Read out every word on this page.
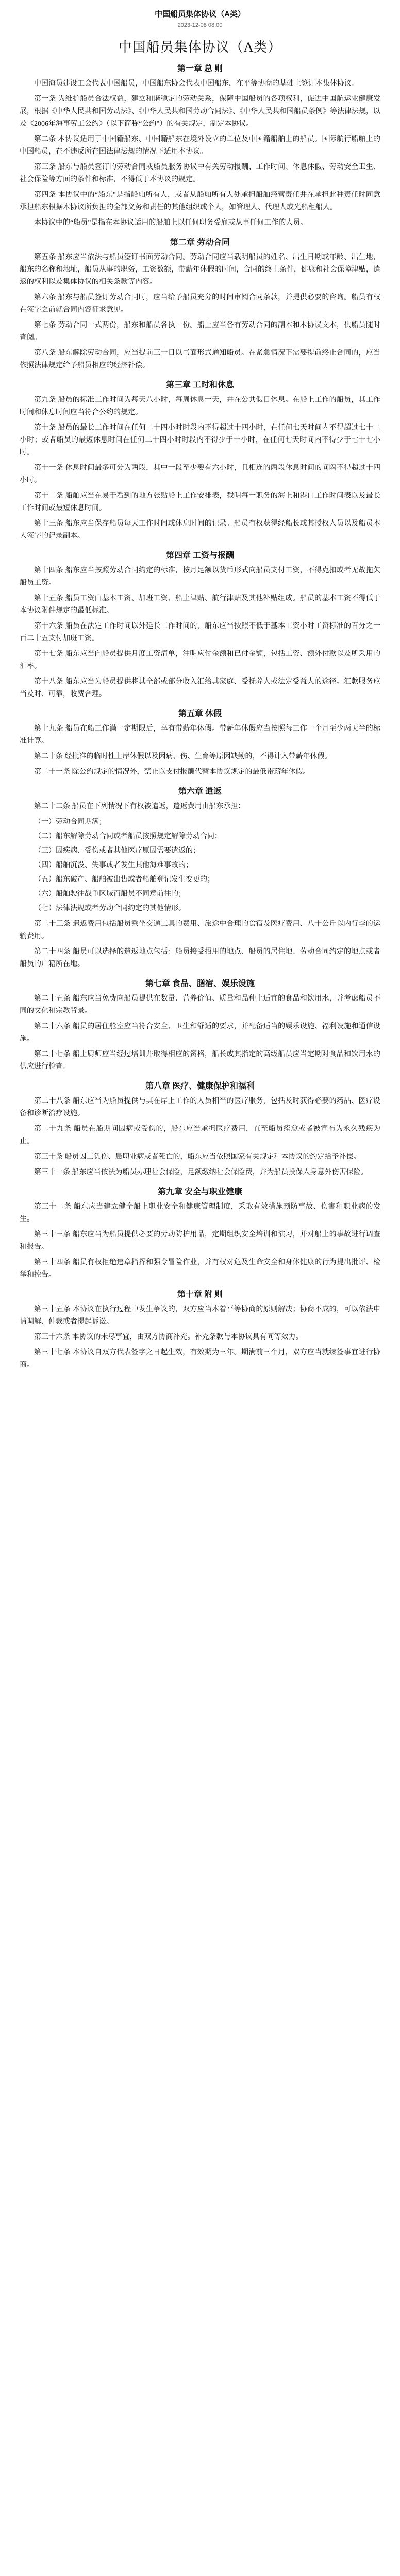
中国船员集体协议（A类）
2023-12-08 08:00
中国船员集体协议（A类）
第一章 总 则

中国海员建设工会代表中国船员，中国船东协会代表中国船东，在平等协商的基础上签订本集体协议。

第一条 为维护船员合法权益，建立和谐稳定的劳动关系，保障中国船员的各项权利，促进中国航运业健康发展，根据《中华人民共和国劳动法》、《中华人民共和国劳动合同法》、《中华人民共和国船员条例》等法律法规，以及《2006年海事劳工公约》（以下简称“公约”）的有关规定，制定本协议。

第二条 本协议适用于中国籍船东、中国籍船东在境外设立的单位及中国籍船舶上的船员。国际航行船舶上的中国船员，在不违反所在国法律法规的情况下适用本协议。

第三条 船东与船员签订的劳动合同或船员服务协议中有关劳动报酬、工作时间、休息休假、劳动安全卫生、社会保险等方面的条件和标准，不得低于本协议的规定。

第四条 本协议中的“船东”是指船舶所有人，或者从船舶所有人处承担船舶经营责任并在承担此种责任时同意承担船东根据本协议所负担的全部义务和责任的其他组织或个人，如管理人、代理人或光船租船人。

本协议中的“船员”是指在本协议适用的船舶上以任何职务受雇或从事任何工作的人员。

第二章 劳动合同

第五条 船东应当依法与船员签订书面劳动合同。劳动合同应当载明船员的姓名、出生日期或年龄、出生地，船东的名称和地址，船员从事的职务，工资数额，带薪年休假的时间，合同的终止条件，健康和社会保障津贴，遣返的权利以及集体协议的相关条款等内容。

第六条 船东与船员签订劳动合同时，应当给予船员充分的时间审阅合同条款，并提供必要的咨询。船员有权在签字之前就合同内容征求意见。

第七条 劳动合同一式两份，船东和船员各执一份。船上应当备有劳动合同的副本和本协议文本，供船员随时查阅。

第八条 船东解除劳动合同，应当提前三十日以书面形式通知船员。在紧急情况下需要提前终止合同的，应当依照法律规定给予船员相应的经济补偿。

第三章 工时和休息

第九条 船员的标准工作时间为每天八小时，每周休息一天，并在公共假日休息。在船上工作的船员，其工作时间和休息时间应当符合公约的规定。

第十条 船员的最长工作时间在任何二十四小时时段内不得超过十四小时，在任何七天时间内不得超过七十二小时；或者船员的最短休息时间在任何二十四小时时段内不得少于十小时，在任何七天时间内不得少于七十七小时。

第十一条 休息时间最多可分为两段，其中一段至少要有六小时，且相连的两段休息时间的间隔不得超过十四小时。

第十二条 船舶应当在易于看到的地方张贴船上工作安排表，载明每一职务的海上和港口工作时间表以及最长工作时间或最短休息时间。

第十三条 船东应当保存船员每天工作时间或休息时间的记录。船员有权获得经船长或其授权人员以及船员本人签字的记录副本。

第四章 工资与报酬

第十四条 船东应当按照劳动合同约定的标准，按月足额以货币形式向船员支付工资，不得克扣或者无故拖欠船员工资。

第十五条 船员工资由基本工资、加班工资、船上津贴、航行津贴及其他补贴组成。船员的基本工资不得低于本协议附件规定的最低标准。

第十六条 船员在法定工作时间以外延长工作时间的，船东应当按照不低于基本工资小时工资标准的百分之一百二十五支付加班工资。

第十七条 船东应当向船员提供月度工资清单，注明应付金额和已付金额，包括工资、额外付款以及所采用的汇率。

第十八条 船东应当为船员提供将其全部或部分收入汇给其家庭、受抚养人或法定受益人的途径。汇款服务应当及时、可靠，收费合理。

第五章 休假

第十九条 船员在船工作满一定期限后，享有带薪年休假。带薪年休假应当按照每工作一个月至少两天半的标准计算。

第二十条 经批准的临时性上岸休假以及因病、伤、生育等原因缺勤的，不得计入带薪年休假。

第二十一条 除公约规定的情况外，禁止以支付报酬代替本协议规定的最低带薪年休假。

第六章 遣返

第二十二条 船员在下列情况下有权被遣返，遣返费用由船东承担：

（一）劳动合同期满；

（二）船东解除劳动合同或者船员按照规定解除劳动合同；

（三）因疾病、受伤或者其他医疗原因需要遣返的；

（四）船舶沉没、失事或者发生其他海难事故的；

（五）船东破产、船舶被出售或者船舶登记发生变更的；

（六）船舶驶往战争区域而船员不同意前往的；

（七）法律法规或者劳动合同约定的其他情形。

第二十三条 遣返费用包括船员乘坐交通工具的费用、旅途中合理的食宿及医疗费用、八十公斤以内行李的运输费用。

第二十四条 船员可以选择的遣返地点包括：船员接受招用的地点、船员的居住地、劳动合同约定的地点或者船员的户籍所在地。

第七章 食品、膳宿、娱乐设施

第二十五条 船东应当免费向船员提供在数量、营养价值、质量和品种上适宜的食品和饮用水，并考虑船员不同的文化和宗教背景。

第二十六条 船员的居住舱室应当符合安全、卫生和舒适的要求，并配备适当的娱乐设施、福利设施和通信设施。

第二十七条 船上厨师应当经过培训并取得相应的资格，船长或其指定的高级船员应当定期对食品和饮用水的供应进行检查。

第八章 医疗、健康保护和福利

第二十八条 船东应当为船员提供与其在岸上工作的人员相当的医疗服务，包括及时获得必要的药品、医疗设备和诊断治疗设施。

第二十九条 船员在船期间因病或受伤的，船东应当承担医疗费用，直至船员痊愈或者被宣布为永久残疾为止。

第三十条 船员因工负伤、患职业病或者死亡的，船东应当依照国家有关规定和本协议的约定给予补偿。

第三十一条 船东应当依法为船员办理社会保险，足额缴纳社会保险费，并为船员投保人身意外伤害保险。

第九章 安全与职业健康

第三十二条 船东应当建立健全船上职业安全和健康管理制度，采取有效措施预防事故、伤害和职业病的发生。

第三十三条 船东应当为船员提供必要的劳动防护用品，定期组织安全培训和演习，并对船上的事故进行调查和报告。

第三十四条 船员有权拒绝违章指挥和强令冒险作业，并有权对危及生命安全和身体健康的行为提出批评、检举和控告。

第十章 附 则

第三十五条 本协议在执行过程中发生争议的，双方应当本着平等协商的原则解决；协商不成的，可以依法申请调解、仲裁或者提起诉讼。

第三十六条 本协议的未尽事宜，由双方协商补充。补充条款与本协议具有同等效力。

第三十七条 本协议自双方代表签字之日起生效，有效期为三年。期满前三个月，双方应当就续签事宜进行协商。
